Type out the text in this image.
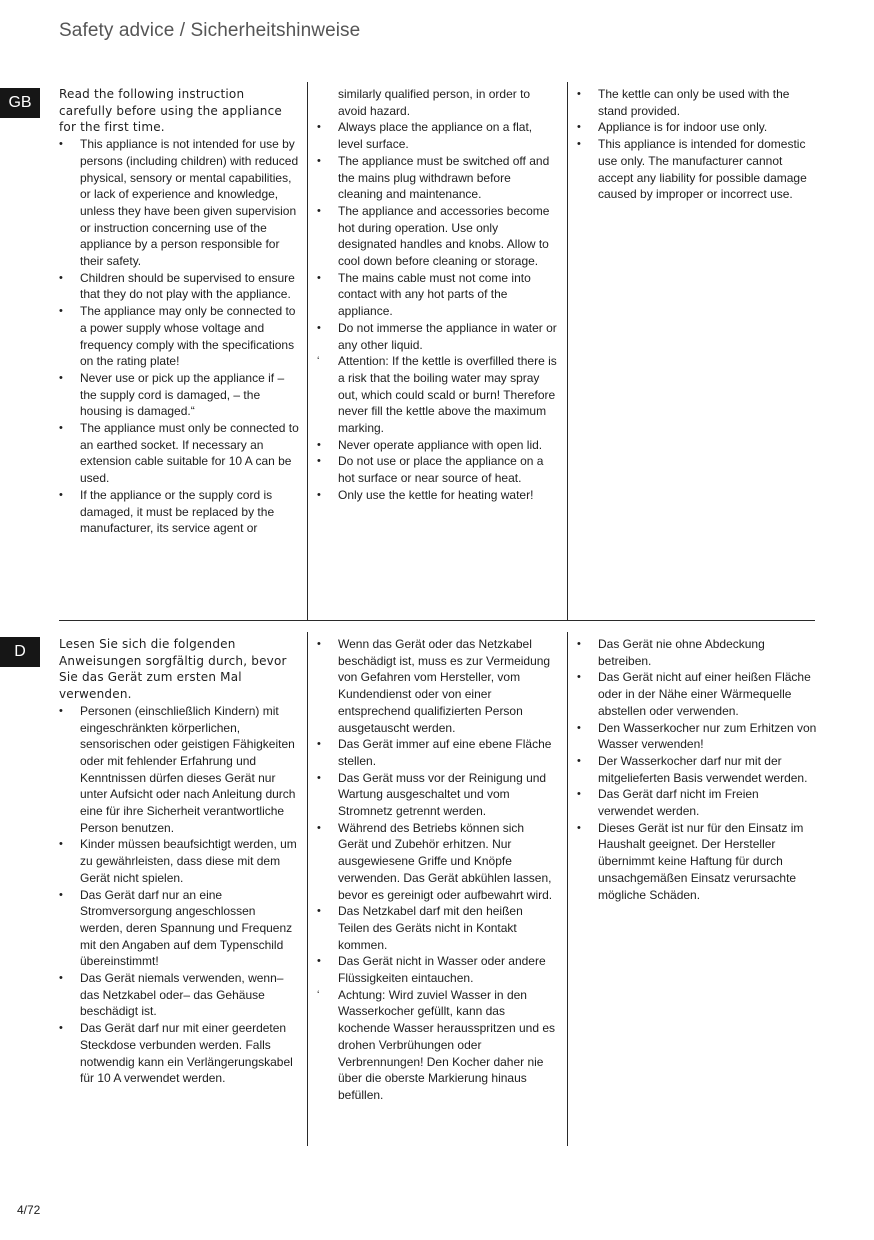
Safety advice / Sicherheitshinweise
GB
D
Read the following instruction carefully before using the appliance for the first time.
•	This appliance is not intended for use by persons (including children) with reduced physical, sensory or mental capabilities, or lack of experience and knowledge, unless they have been given supervision or instruction concerning use of the appliance by a person responsible for their safety.
•	Children should be supervised to ensure that they do not play with the appliance.
•	The appliance may only be connected to a power supply whose voltage and frequency comply with the specifications on the rating plate!
•	Never use or pick up the appliance if – the supply cord is damaged, – the housing is damaged.“
•	The appliance must only be connected to an earthed socket. If necessary an extension cable suitable for 10 A can be used.
•	If the appliance or the supply cord is damaged, it must be replaced by the manufacturer, its service agent or
similarly qualified person, in order to avoid hazard.
•	Always place the appliance on a flat, level surface.
•	The appliance must be switched off and the mains plug withdrawn before cleaning and maintenance.
•	The appliance and accessories become hot during operation. Use only designated handles and knobs. Allow to cool down before cleaning or storage.
•	The mains cable must not come into contact with any hot parts of the appliance.
•	Do not immerse the appliance in water or any other liquid.
‘	Attention: If the kettle is overfilled there is a risk that the boiling water may spray out, which could scald or burn! Therefore never fill the kettle above the maximum marking.
•	Never operate appliance with open lid.
•	Do not use or place the appliance on a hot surface or near source of heat.
•	Only use the kettle for heating water!
•	The kettle can only be used with the stand provided.
•	Appliance is for indoor use only.
•	This appliance is intended for domestic use only. The manufacturer cannot accept any liability for possible damage caused by improper or incorrect use.
Lesen Sie sich die folgenden Anweisungen sorgfältig durch, bevor Sie das Gerät zum ersten Mal verwenden.
•	Personen (einschließlich Kindern) mit eingeschränkten körperlichen, sensorischen oder geistigen Fähigkeiten oder mit fehlender Erfahrung und Kenntnissen dürfen dieses Gerät nur unter Aufsicht oder nach Anleitung durch eine für ihre Sicherheit verantwortliche Person benutzen.
•	Kinder müssen beaufsichtigt werden, um zu gewährleisten, dass diese mit dem Gerät nicht spielen.
•	Das Gerät darf nur an eine Stromversorgung angeschlossen werden, deren Spannung und Frequenz mit den Angaben auf dem Typenschild übereinstimmt!
•	Das Gerät niemals verwenden, wenn– das Netzkabel oder– das Gehäuse beschädigt ist.
•	Das Gerät darf nur mit einer geerdeten Steckdose verbunden werden. Falls notwendig kann ein Verlängerungskabel für 10 A verwendet werden.
•	Wenn das Gerät oder das Netzkabel beschädigt ist, muss es zur Vermeidung von Gefahren vom Hersteller, vom Kundendienst oder von einer entsprechend qualifizierten Person ausgetauscht werden.
•	Das Gerät immer auf eine ebene Fläche stellen.
•	Das Gerät muss vor der Reinigung und Wartung ausgeschaltet und vom Stromnetz getrennt werden.
•	Während des Betriebs können sich Gerät und Zubehör erhitzen. Nur ausgewiesene Griffe und Knöpfe verwenden. Das Gerät abkühlen lassen, bevor es gereinigt oder aufbewahrt wird.
•	Das Netzkabel darf mit den heißen Teilen des Geräts nicht in Kontakt kommen.
•	Das Gerät nicht in Wasser oder andere Flüssigkeiten eintauchen.
‘	Achtung: Wird zuviel Wasser in den Wasserkocher gefüllt, kann das kochende Wasser herausspritzen und es drohen Verbrühungen oder Verbrennungen! Den Kocher daher nie über die oberste Markierung hinaus befüllen.
•	Das Gerät nie ohne Abdeckung betreiben.
•	Das Gerät nicht auf einer heißen Fläche oder in der Nähe einer Wärmequelle abstellen oder verwenden.
•	Den Wasserkocher nur zum Erhitzen von Wasser verwenden!
•	Der Wasserkocher darf nur mit der mitgelieferten Basis verwendet werden.
•	Das Gerät darf nicht im Freien verwendet werden.
•	Dieses Gerät ist nur für den Einsatz im Haushalt geeignet. Der Hersteller übernimmt keine Haftung für durch unsachgemäßen Einsatz verursachte mögliche Schäden.
4/72
